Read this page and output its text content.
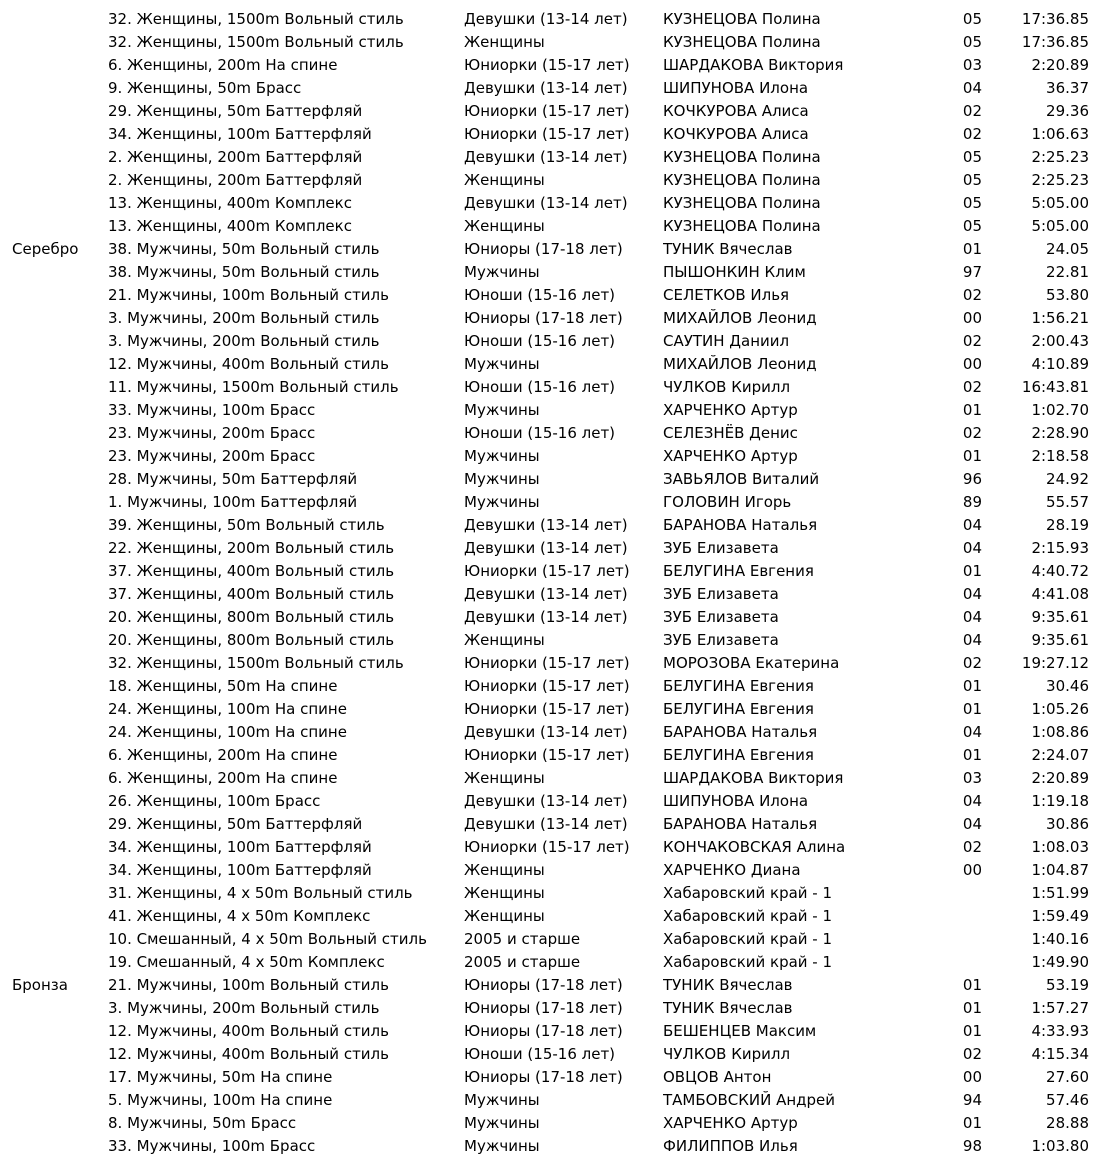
32. Женщины, 1500m Вольный стиль	Девушки (13-14 лет)	КУЗНЕЦОВА Полина	05	17:36.85
32. Женщины, 1500m Вольный стиль	Женщины	КУЗНЕЦОВА Полина	05	17:36.85
6. Женщины, 200m На спине	Юниорки (15-17 лет)	ШАРДАКОВА Виктория	03	2:20.89
9. Женщины, 50m Брасс	Девушки (13-14 лет)	ШИПУНОВА Илона	04	36.37
29. Женщины, 50m Баттерфляй	Юниорки (15-17 лет)	КОЧКУРОВА Алиса	02	29.36
34. Женщины, 100m Баттерфляй	Юниорки (15-17 лет)	КОЧКУРОВА Алиса	02	1:06.63
2. Женщины, 200m Баттерфляй	Девушки (13-14 лет)	КУЗНЕЦОВА Полина	05	2:25.23
2. Женщины, 200m Баттерфляй	Женщины	КУЗНЕЦОВА Полина	05	2:25.23
13. Женщины, 400m Комплекс	Девушки (13-14 лет)	КУЗНЕЦОВА Полина	05	5:05.00
13. Женщины, 400m Комплекс	Женщины	КУЗНЕЦОВА Полина	05	5:05.00
Серебро	38. Мужчины, 50m Вольный стиль	Юниоры (17-18 лет)	ТУНИК Вячеслав	01	24.05
38. Мужчины, 50m Вольный стиль	Мужчины	ПЫШОНКИН Клим	97	22.81
21. Мужчины, 100m Вольный стиль	Юноши (15-16 лет)	СЕЛЕТКОВ Илья	02	53.80
3. Мужчины, 200m Вольный стиль	Юниоры (17-18 лет)	МИХАЙЛОВ Леонид	00	1:56.21
3. Мужчины, 200m Вольный стиль	Юноши (15-16 лет)	САУТИН Даниил	02	2:00.43
12. Мужчины, 400m Вольный стиль	Мужчины	МИХАЙЛОВ Леонид	00	4:10.89
11. Мужчины, 1500m Вольный стиль	Юноши (15-16 лет)	ЧУЛКОВ Кирилл	02	16:43.81
33. Мужчины, 100m Брасс	Мужчины	ХАРЧЕНКО Артур	01	1:02.70
23. Мужчины, 200m Брасс	Юноши (15-16 лет)	СЕЛЕЗНЁВ Денис	02	2:28.90
23. Мужчины, 200m Брасс	Мужчины	ХАРЧЕНКО Артур	01	2:18.58
28. Мужчины, 50m Баттерфляй	Мужчины	ЗАВЬЯЛОВ Виталий	96	24.92
1. Мужчины, 100m Баттерфляй	Мужчины	ГОЛОВИН Игорь	89	55.57
39. Женщины, 50m Вольный стиль	Девушки (13-14 лет)	БАРАНОВА Наталья	04	28.19
22. Женщины, 200m Вольный стиль	Девушки (13-14 лет)	ЗУБ Елизавета	04	2:15.93
37. Женщины, 400m Вольный стиль	Юниорки (15-17 лет)	БЕЛУГИНА Евгения	01	4:40.72
37. Женщины, 400m Вольный стиль	Девушки (13-14 лет)	ЗУБ Елизавета	04	4:41.08
20. Женщины, 800m Вольный стиль	Девушки (13-14 лет)	ЗУБ Елизавета	04	9:35.61
20. Женщины, 800m Вольный стиль	Женщины	ЗУБ Елизавета	04	9:35.61
32. Женщины, 1500m Вольный стиль	Юниорки (15-17 лет)	МОРОЗОВА Екатерина	02	19:27.12
18. Женщины, 50m На спине	Юниорки (15-17 лет)	БЕЛУГИНА Евгения	01	30.46
24. Женщины, 100m На спине	Юниорки (15-17 лет)	БЕЛУГИНА Евгения	01	1:05.26
24. Женщины, 100m На спине	Девушки (13-14 лет)	БАРАНОВА Наталья	04	1:08.86
6. Женщины, 200m На спине	Юниорки (15-17 лет)	БЕЛУГИНА Евгения	01	2:24.07
6. Женщины, 200m На спине	Женщины	ШАРДАКОВА Виктория	03	2:20.89
26. Женщины, 100m Брасс	Девушки (13-14 лет)	ШИПУНОВА Илона	04	1:19.18
29. Женщины, 50m Баттерфляй	Девушки (13-14 лет)	БАРАНОВА Наталья	04	30.86
34. Женщины, 100m Баттерфляй	Юниорки (15-17 лет)	КОНЧАКОВСКАЯ Алина	02	1:08.03
34. Женщины, 100m Баттерфляй	Женщины	ХАРЧЕНКО Диана	00	1:04.87
31. Женщины, 4 x 50m Вольный стиль	Женщины	Хабаровский край - 1	1:51.99
41. Женщины, 4 x 50m Комплекс	Женщины	Хабаровский край - 1	1:59.49
10. Смешанный, 4 x 50m Вольный стиль	2005 и старше	Хабаровский край - 1	1:40.16
19. Смешанный, 4 x 50m Комплекс	2005 и старше	Хабаровский край - 1	1:49.90
Бронза	21. Мужчины, 100m Вольный стиль	Юниоры (17-18 лет)	ТУНИК Вячеслав	01	53.19
3. Мужчины, 200m Вольный стиль	Юниоры (17-18 лет)	ТУНИК Вячеслав	01	1:57.27
12. Мужчины, 400m Вольный стиль	Юниоры (17-18 лет)	БЕШЕНЦЕВ Максим	01	4:33.93
12. Мужчины, 400m Вольный стиль	Юноши (15-16 лет)	ЧУЛКОВ Кирилл	02	4:15.34
17. Мужчины, 50m На спине	Юниоры (17-18 лет)	ОВЦОВ Антон	00	27.60
5. Мужчины, 100m На спине	Мужчины	ТАМБОВСКИЙ Андрей	94	57.46
8. Мужчины, 50m Брасс	Мужчины	ХАРЧЕНКО Артур	01	28.88
33. Мужчины, 100m Брасс	Мужчины	ФИЛИППОВ Илья	98	1:03.80
